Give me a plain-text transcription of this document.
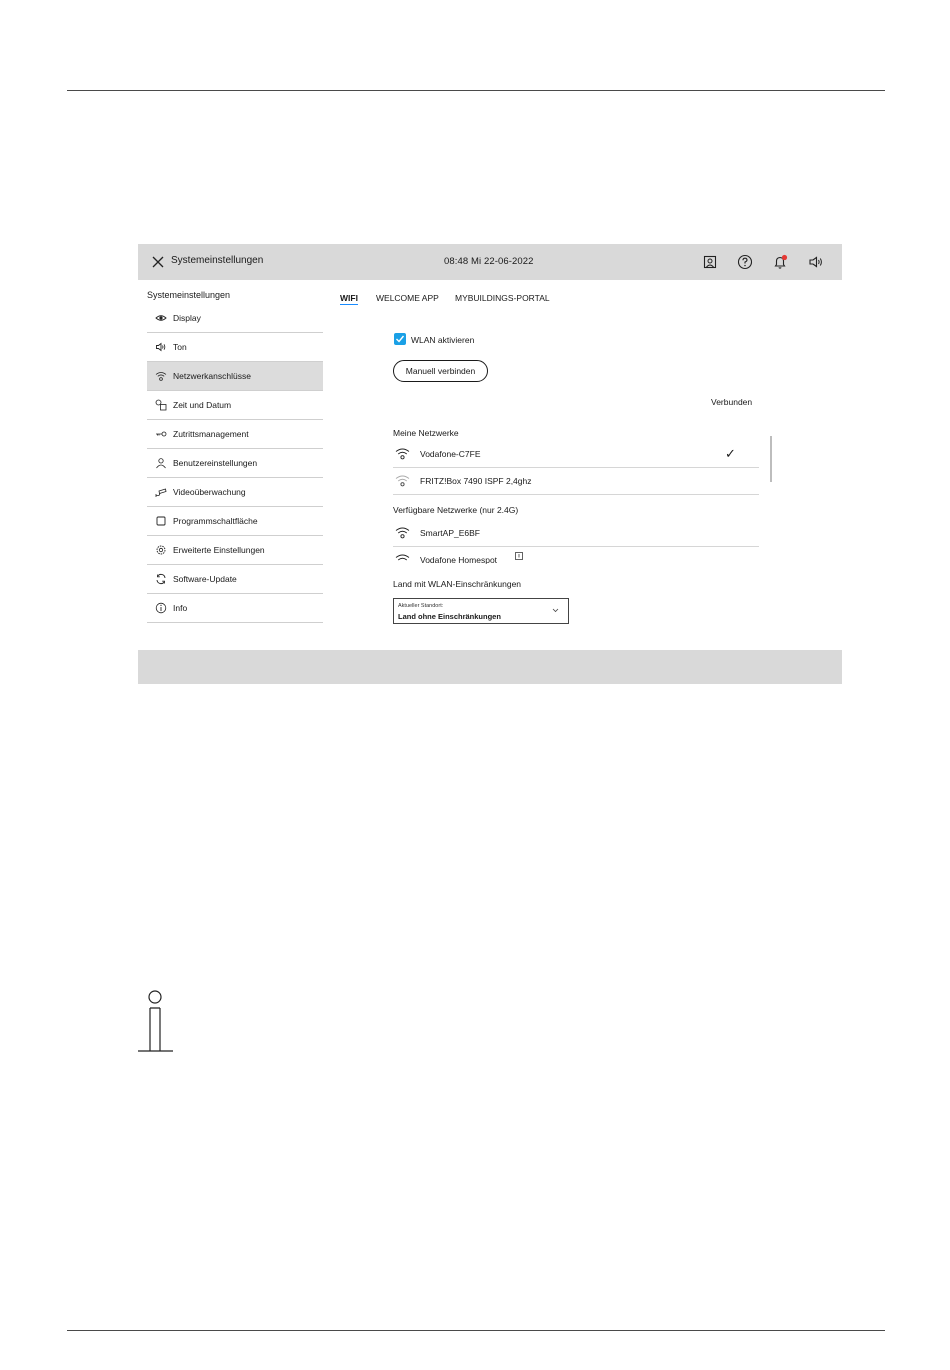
Systemeinstellungen	08:48 Mi 22-06-2022
Systemeinstellungen
Display
Ton
Netzwerkanschlüsse
Zeit und Datum
Zutrittsmanagement
Benutzereinstellungen
Videoüberwachung
Programmschaltfläche
Erweiterte Einstellungen
Software-Update
Info
WIFI WELCOME APP MYBUILDINGS-PORTAL
WLAN aktivieren
Manuell verbinden
Verbunden
Meine Netzwerke
Vodafone-C7FE	✓
FRITZ!Box 7490 ISPF 2,4ghz
Verfügbare Netzwerke (nur 2.4G)
SmartAP_E6BF
Vodafone Homespot
Land mit WLAN-Einschränkungen
Aktueller Standort:
Land ohne Einschränkungen
